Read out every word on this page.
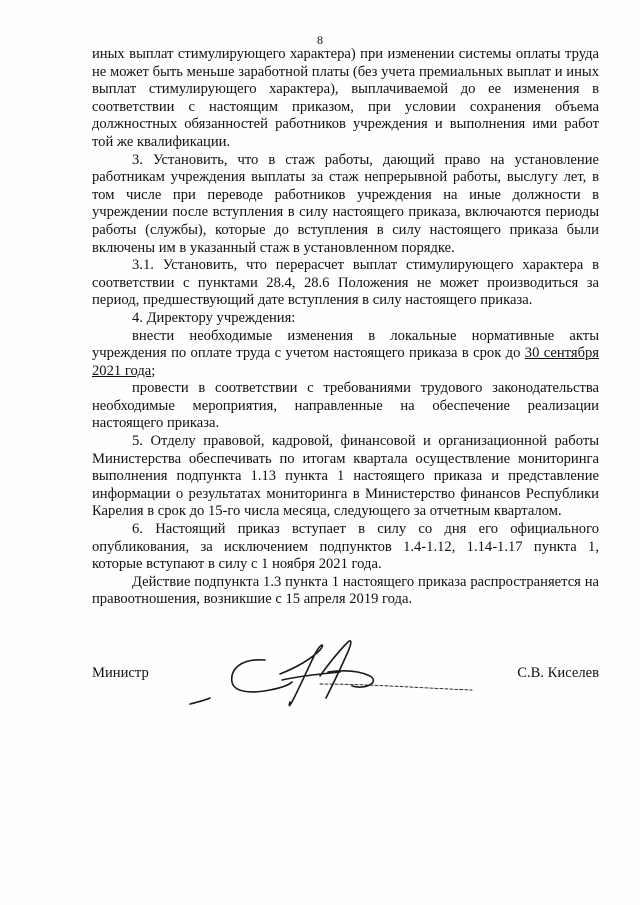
8

иных выплат стимулирующего характера) при изменении системы оплаты труда не может быть меньше заработной платы (без учета премиальных выплат и иных выплат стимулирующего характера), выплачиваемой до ее изменения в соответствии с настоящим приказом, при условии сохранения объема должностных обязанностей работников учреждения и выполнения ими работ той же квалификации.

3. Установить, что в стаж работы, дающий право на установление работникам учреждения выплаты за стаж непрерывной работы, выслугу лет, в том числе при переводе работников учреждения на иные должности в учреждении после вступления в силу настоящего приказа, включаются периоды работы (службы), которые до вступления в силу настоящего приказа были включены им в указанный стаж в установленном порядке.

3.1. Установить, что перерасчет выплат стимулирующего характера в соответствии с пунктами 28.4, 28.6 Положения не может производиться за период, предшествующий дате вступления в силу настоящего приказа.

4. Директору учреждения:

внести необходимые изменения в локальные нормативные акты учреждения по оплате труда с учетом настоящего приказа в срок до 30 сентября 2021 года;

провести в соответствии с требованиями трудового законодательства необходимые мероприятия, направленные на обеспечение реализации настоящего приказа.

5. Отделу правовой, кадровой, финансовой и организационной работы Министерства обеспечивать по итогам квартала осуществление мониторинга выполнения подпункта 1.13 пункта 1 настоящего приказа и представление информации о результатах мониторинга в Министерство финансов Республики Карелия в срок до 15-го числа месяца, следующего за отчетным кварталом.

6. Настоящий приказ вступает в силу со дня его официального опубликования, за исключением подпунктов 1.4-1.12, 1.14-1.17 пункта 1, которые вступают в силу с 1 ноября 2021 года.

Действие подпункта 1.3 пункта 1 настоящего приказа распространяется на правоотношения, возникшие с 15 апреля 2019 года.

Министр	С.В. Киселев
